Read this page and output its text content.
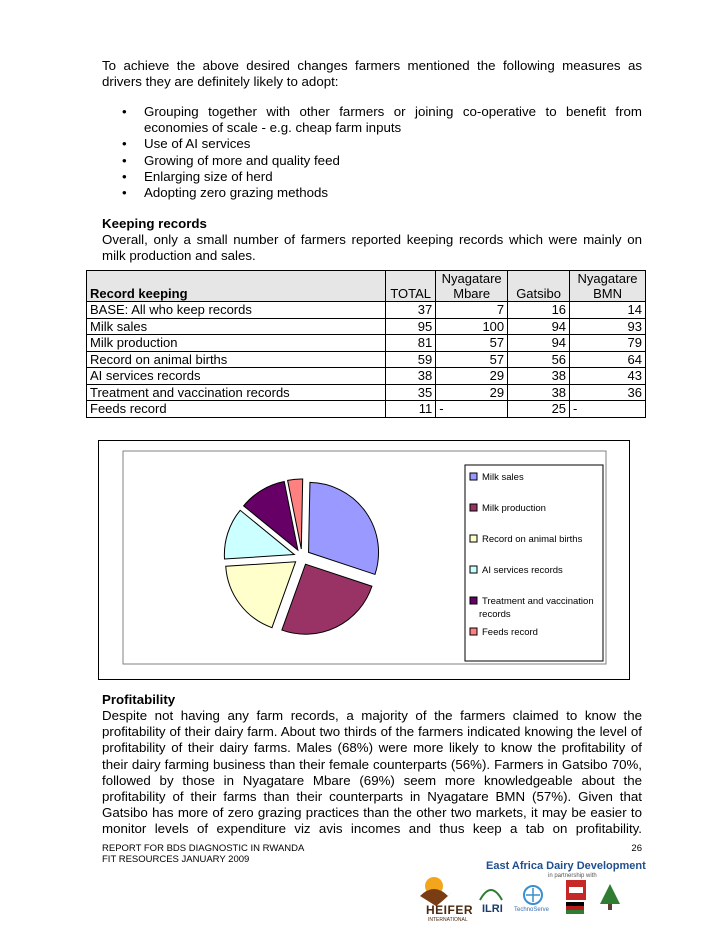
To achieve the above desired changes farmers mentioned the following measures as drivers they are definitely likely to adopt:
• Grouping together with other farmers or joining co-operative to benefit from economies of scale - e.g. cheap farm inputs
• Use of AI services
• Growing of more and quality feed
• Enlarging size of herd
• Adopting zero grazing methods
Keeping records
Overall, only a small number of farmers reported keeping records which were mainly on milk production and sales.
Record keeping	TOTAL	Nyagatare Mbare	Gatsibo	Nyagatare BMN
BASE: All who keep records	37	7	16	14
Milk sales	95	100	94	93
Milk production	81	57	94	79
Record on animal births	59	57	56	64
AI services records	38	29	38	43
Treatment and vaccination records	35	29	38	36
Feeds record	11	-	25	-
Milk sales
Milk production
Record on animal births
AI services records
Treatment and vaccination
records
Feeds record
Profitability
Despite not having any farm records, a majority of the farmers claimed to know the profitability of their dairy farm. About two thirds of the farmers indicated knowing the level of profitability of their dairy farms. Males (68%) were more likely to know the profitability of their dairy farming business than their female counterparts (56%). Farmers in Gatsibo 70%, followed by those in Nyagatare Mbare (69%) seem more knowledgeable about the profitability of their farms than their counterparts in Nyagatare BMN (57%). Given that Gatsibo has more of zero grazing practices than the other two markets, it may be easier to monitor levels of expenditure viz avis incomes and thus keep a tab on profitability.
REPORT FOR BDS DIAGNOSTIC IN RWANDA
FIT RESOURCES JANUARY 2009
26
East Africa Dairy Development
in partnership with
HEIFER
INTERNATIONAL
ILRI TechnoServe
